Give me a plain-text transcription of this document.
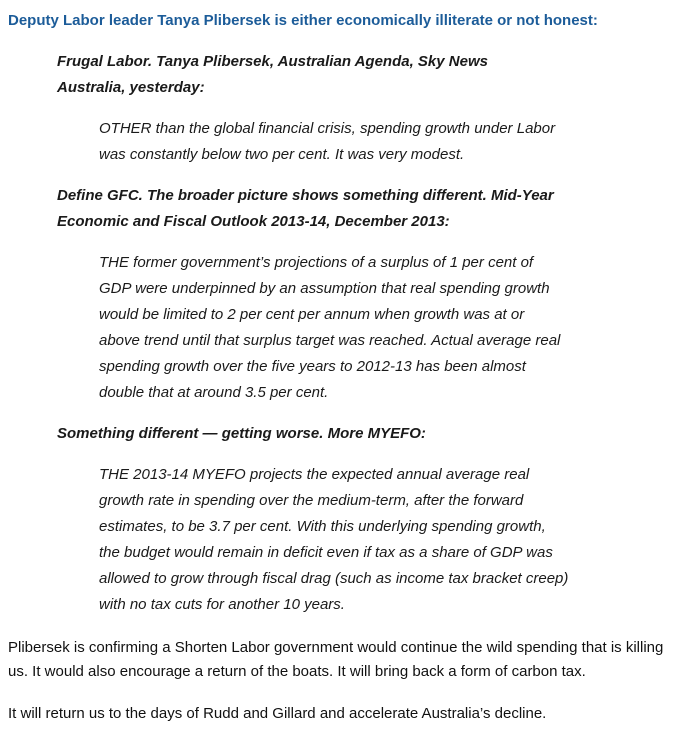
Deputy Labor leader Tanya Plibersek is either economically illiterate or not honest:
Frugal Labor. Tanya Plibersek, Australian Agenda, Sky News Australia, yesterday:
OTHER than the global financial crisis, spending growth under Labor was constantly below two per cent. It was very modest.
Define GFC. The broader picture shows something different. Mid-Year Economic and Fiscal Outlook 2013-14, December 2013:
THE former government’s projections of a surplus of 1 per cent of GDP were underpinned by an assumption that real spending growth would be limited to 2 per cent per annum when growth was at or above trend until that surplus target was reached. Actual average real spending growth over the five years to 2012-13 has been almost double that at around 3.5 per cent.
Something different — getting worse. More MYEFO:
THE 2013-14 MYEFO projects the expected annual average real growth rate in spending over the medium-term, after the forward estimates, to be 3.7 per cent. With this underlying spending growth, the budget would remain in deficit even if tax as a share of GDP was allowed to grow through fiscal drag (such as income tax bracket creep) with no tax cuts for another 10 years.

Plibersek is confirming a Shorten Labor government would continue the wild spending that is killing us. It would also encourage a return of the boats. It will bring back a form of carbon tax.

It will return us to the days of Rudd and Gillard and accelerate Australia’s decline.
